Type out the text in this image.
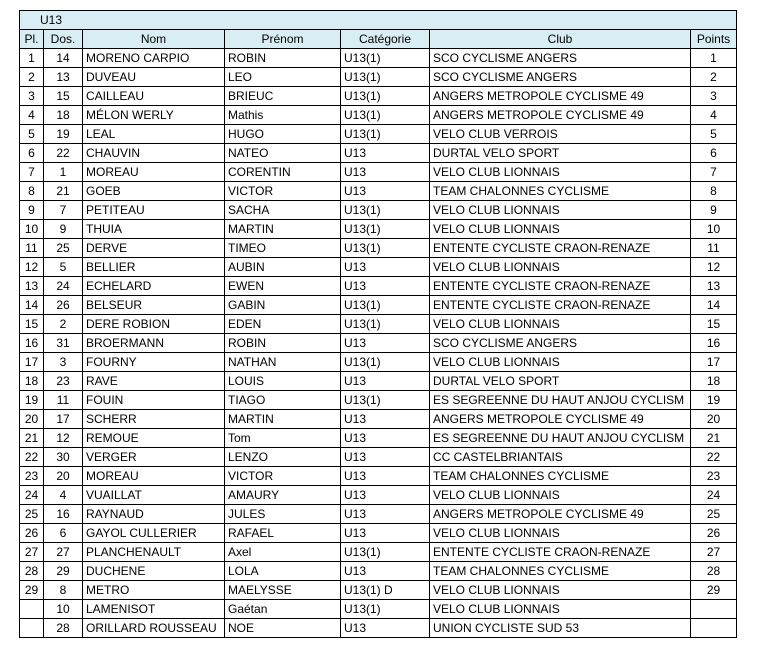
U13						
Pl.	Dos.	Nom	Prénom	Catégorie	Club	Points
1	14	MORENO CARPIO	ROBIN	U13(1)	SCO CYCLISME ANGERS	1
2	13	DUVEAU	LEO	U13(1)	SCO CYCLISME ANGERS	2
3	15	CAILLEAU	BRIEUC	U13(1)	ANGERS METROPOLE CYCLISME 49	3
4	18	MÉLON WERLY	Mathis	U13(1)	ANGERS METROPOLE CYCLISME 49	4
5	19	LEAL	HUGO	U13(1)	VELO CLUB VERROIS	5
6	22	CHAUVIN	NATEO	U13	DURTAL VELO SPORT	6
7	1	MOREAU	CORENTIN	U13	VELO CLUB LIONNAIS	7
8	21	GOEB	VICTOR	U13	TEAM CHALONNES CYCLISME	8
9	7	PETITEAU	SACHA	U13(1)	VELO CLUB LIONNAIS	9
10	9	THUIA	MARTIN	U13(1)	VELO CLUB LIONNAIS	10
11	25	DERVE	TIMEO	U13(1)	ENTENTE CYCLISTE CRAON-RENAZE	11
12	5	BELLIER	AUBIN	U13	VELO CLUB LIONNAIS	12
13	24	ECHELARD	EWEN	U13	ENTENTE CYCLISTE CRAON-RENAZE	13
14	26	BELSEUR	GABIN	U13(1)	ENTENTE CYCLISTE CRAON-RENAZE	14
15	2	DERE ROBION	EDEN	U13(1)	VELO CLUB LIONNAIS	15
16	31	BROERMANN	ROBIN	U13	SCO CYCLISME ANGERS	16
17	3	FOURNY	NATHAN	U13(1)	VELO CLUB LIONNAIS	17
18	23	RAVE	LOUIS	U13	DURTAL VELO SPORT	18
19	11	FOUIN	TIAGO	U13(1)	ES SEGREENNE DU HAUT ANJOU CYCLISM	19
20	17	SCHERR	MARTIN	U13	ANGERS METROPOLE CYCLISME 49	20
21	12	REMOUE	Tom	U13	ES SEGREENNE DU HAUT ANJOU CYCLISM	21
22	30	VERGER	LENZO	U13	CC CASTELBRIANTAIS	22
23	20	MOREAU	VICTOR	U13	TEAM CHALONNES CYCLISME	23
24	4	VUAILLAT	AMAURY	U13	VELO CLUB LIONNAIS	24
25	16	RAYNAUD	JULES	U13	ANGERS METROPOLE CYCLISME 49	25
26	6	GAYOL CULLERIER	RAFAEL	U13	VELO CLUB LIONNAIS	26
27	27	PLANCHENAULT	Axel	U13(1)	ENTENTE CYCLISTE CRAON-RENAZE	27
28	29	DUCHENE	LOLA	U13	TEAM CHALONNES CYCLISME	28
29	8	METRO	MAELYSSE	U13(1) D	VELO CLUB LIONNAIS	29
	10	LAMENISOT	Gaétan	U13(1)	VELO CLUB LIONNAIS	
	28	ORILLARD ROUSSEAU	NOE	U13	UNION CYCLISTE SUD 53	
